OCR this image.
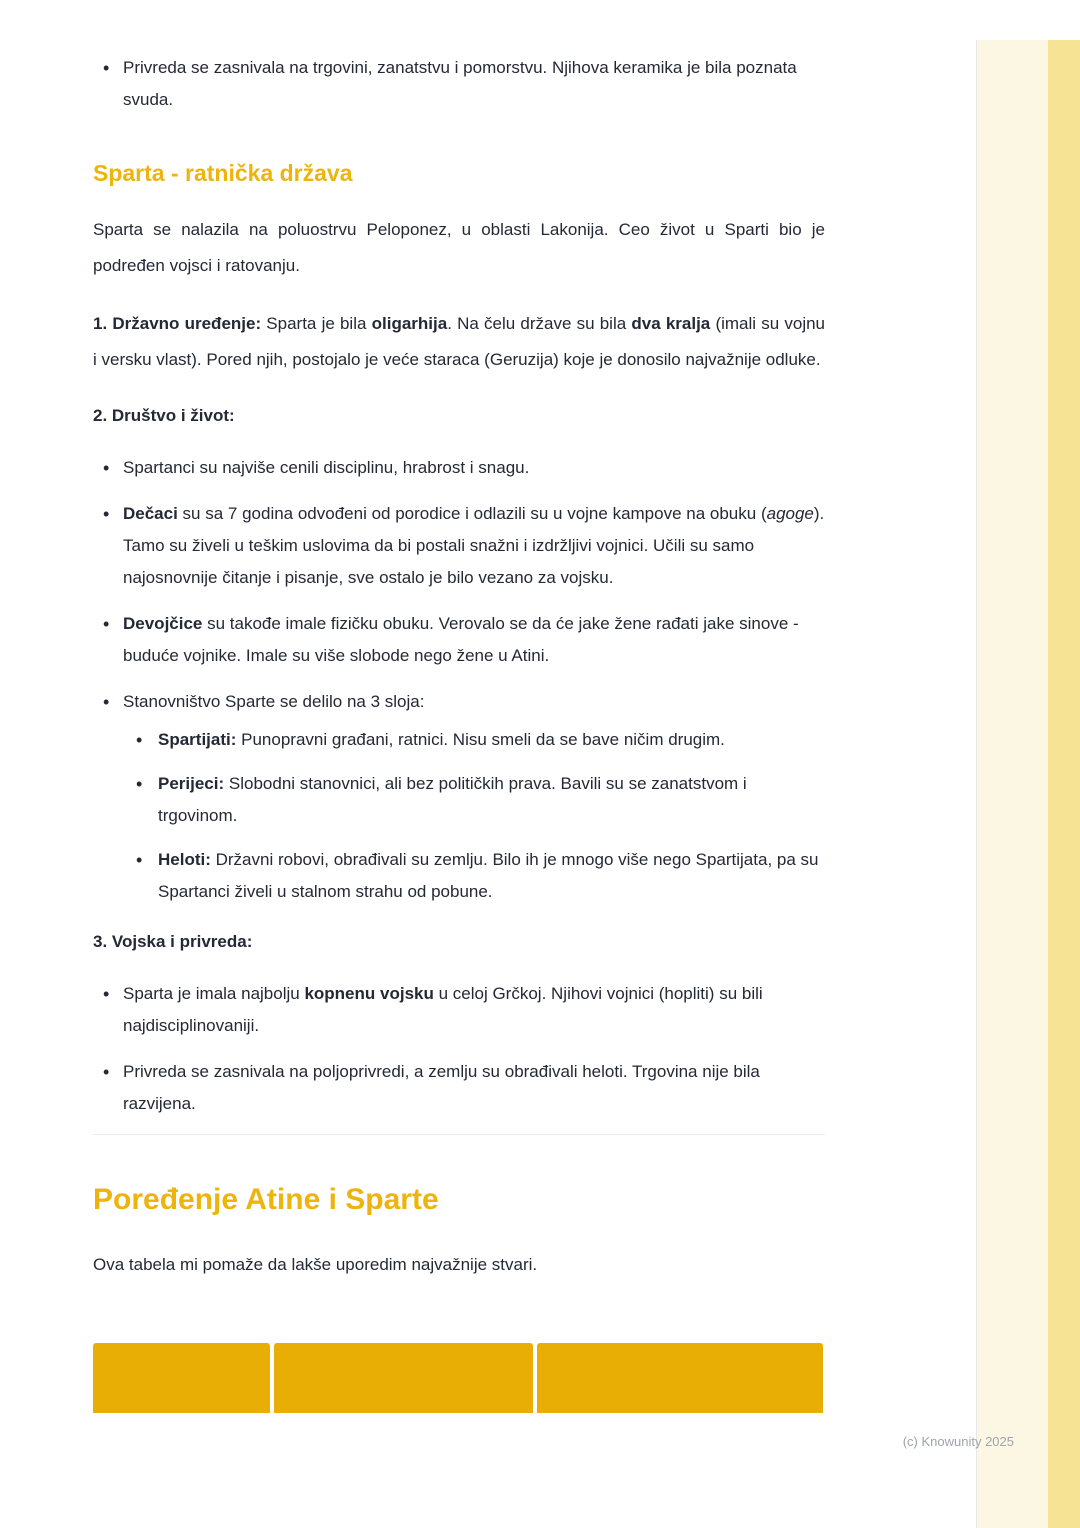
(c) Knowunity 2025
• Privreda se zasnivala na trgovini, zanatstvu i pomorstvu. Njihova keramika je bila poznata svuda.
Sparta - ratnička država

Sparta se nalazila na poluostrvu Peloponez, u oblasti Lakonija. Ceo život u Sparti bio je podređen vojsci i ratovanju.

1. Državno uređenje: Sparta je bila oligarhija. Na čelu države su bila dva kralja (imali su vojnu i versku vlast). Pored njih, postojalo je veće staraca (Geruzija) koje je donosilo najvažnije odluke.

2. Društvo i život:

• Spartanci su najviše cenili disciplinu, hrabrost i snagu.
• Dečaci su sa 7 godina odvođeni od porodice i odlazili su u vojne kampove na obuku (agoge). Tamo su živeli u teškim uslovima da bi postali snažni i izdržljivi vojnici. Učili su samo najosnovnije čitanje i pisanje, sve ostalo je bilo vezano za vojsku.
• Devojčice su takođe imale fizičku obuku. Verovalo se da će jake žene rađati jake sinove - buduće vojnike. Imale su više slobode nego žene u Atini.
• Stanovništvo Sparte se delilo na 3 sloja:
• Spartijati: Punopravni građani, ratnici. Nisu smeli da se bave ničim drugim.
• Perijeci: Slobodni stanovnici, ali bez političkih prava. Bavili su se zanatstvom i trgovinom.
• Heloti: Državni robovi, obrađivali su zemlju. Bilo ih je mnogo više nego Spartijata, pa su Spartanci živeli u stalnom strahu od pobune.

3. Vojska i privreda:

• Sparta je imala najbolju kopnenu vojsku u celoj Grčkoj. Njihovi vojnici (hopliti) su bili najdisciplinovaniji.
• Privreda se zasnivala na poljoprivredi, a zemlju su obrađivali heloti. Trgovina nije bila razvijena.
Poređenje Atine i Sparte

Ova tabela mi pomaže da lakše uporedim najvažnije stvari.
